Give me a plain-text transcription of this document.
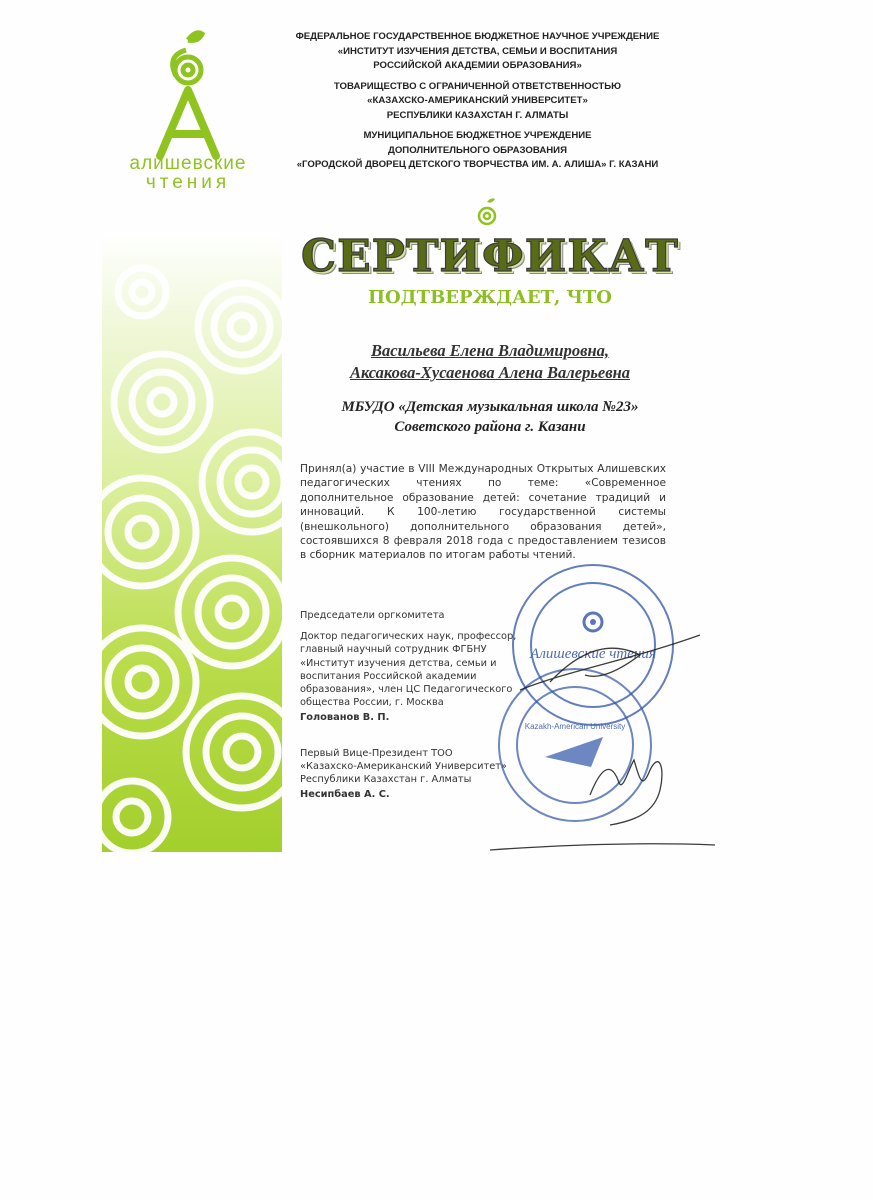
алишевские
чтения
ФЕДЕРАЛЬНОЕ ГОСУДАРСТВЕННОЕ БЮДЖЕТНОЕ НАУЧНОЕ УЧРЕЖДЕНИЕ
«ИНСТИТУТ ИЗУЧЕНИЯ ДЕТСТВА, СЕМЬИ И ВОСПИТАНИЯ
РОССИЙСКОЙ АКАДЕМИИ ОБРАЗОВАНИЯ»
ТОВАРИЩЕСТВО С ОГРАНИЧЕННОЙ ОТВЕТСТВЕННОСТЬЮ
«КАЗАХСКО-АМЕРИКАНСКИЙ УНИВЕРСИТЕТ»
РЕСПУБЛИКИ КАЗАХСТАН Г. АЛМАТЫ
МУНИЦИПАЛЬНОЕ БЮДЖЕТНОЕ УЧРЕЖДЕНИЕ
ДОПОЛНИТЕЛЬНОГО ОБРАЗОВАНИЯ
«ГОРОДСКОЙ ДВОРЕЦ ДЕТСКОГО ТВОРЧЕСТВА ИМ. А. АЛИША» Г. КАЗАНИ
СЕРТИФИКАТ
ПОДТВЕРЖДАЕТ, ЧТО
Васильева Елена Владимировна,
Аксакова-Хусаенова Алена Валерьевна
МБУДО «Детская музыкальная школа №23»
Советского района г. Казани
Принял(а) участие в VIII Международных Открытых Алишевских педагогических чтениях по теме: «Современное дополнительное образование детей: сочетание традиций и инноваций. К 100-летию государственной системы (внешкольного) дополнительного образования детей», состоявшихся 8 февраля 2018 года с предоставлением тезисов в сборник материалов по итогам работы чтений.
Председатели оргкомитета
Доктор педагогических наук, профессор,
главный научный сотрудник ФГБНУ
«Институт изучения детства, семьи и
воспитания Российской академии
образования», член ЦС Педагогического
общества России, г. Москва
Голованов В. П.
Первый Вице-Президент ТОО
«Казахско-Американский Университет»
Республики Казахстан г. Алматы
Несипбаев А. С.
Алишевские чтения
Kazakh-American University
